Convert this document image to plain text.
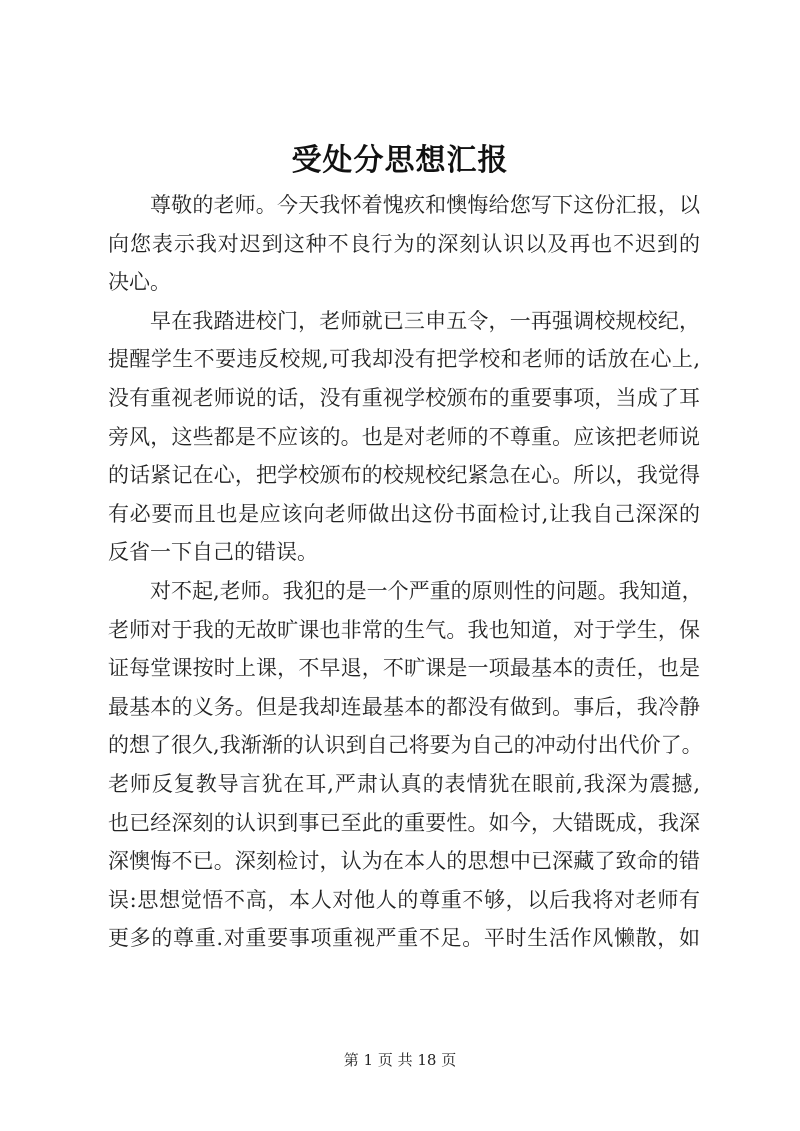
受处分思想汇报
尊敬的老师。今天我怀着愧疚和懊悔给您写下这份汇报，以
向您表示我对迟到这种不良行为的深刻认识以及再也不迟到的
决心。
早在我踏进校门，老师就已三申五令，一再强调校规校纪，
提醒学生不要违反校规,可我却没有把学校和老师的话放在心上,
没有重视老师说的话，没有重视学校颁布的重要事项，当成了耳
旁风，这些都是不应该的。也是对老师的不尊重。应该把老师说
的话紧记在心，把学校颁布的校规校纪紧急在心。所以，我觉得
有必要而且也是应该向老师做出这份书面检讨,让我自己深深的
反省一下自己的错误。
对不起,老师。我犯的是一个严重的原则性的问题。我知道，
老师对于我的无故旷课也非常的生气。我也知道，对于学生，保
证每堂课按时上课，不早退，不旷课是一项最基本的责任，也是
最基本的义务。但是我却连最基本的都没有做到。事后，我冷静
的想了很久,我渐渐的认识到自己将要为自己的冲动付出代价了。
老师反复教导言犹在耳,严肃认真的表情犹在眼前,我深为震撼,
也已经深刻的认识到事已至此的重要性。如今，大错既成，我深
深懊悔不已。深刻检讨，认为在本人的思想中已深藏了致命的错
误:思想觉悟不高，本人对他人的尊重不够，以后我将对老师有
更多的尊重.对重要事项重视严重不足。平时生活作风懒散，如
第 1 页 共 18 页
